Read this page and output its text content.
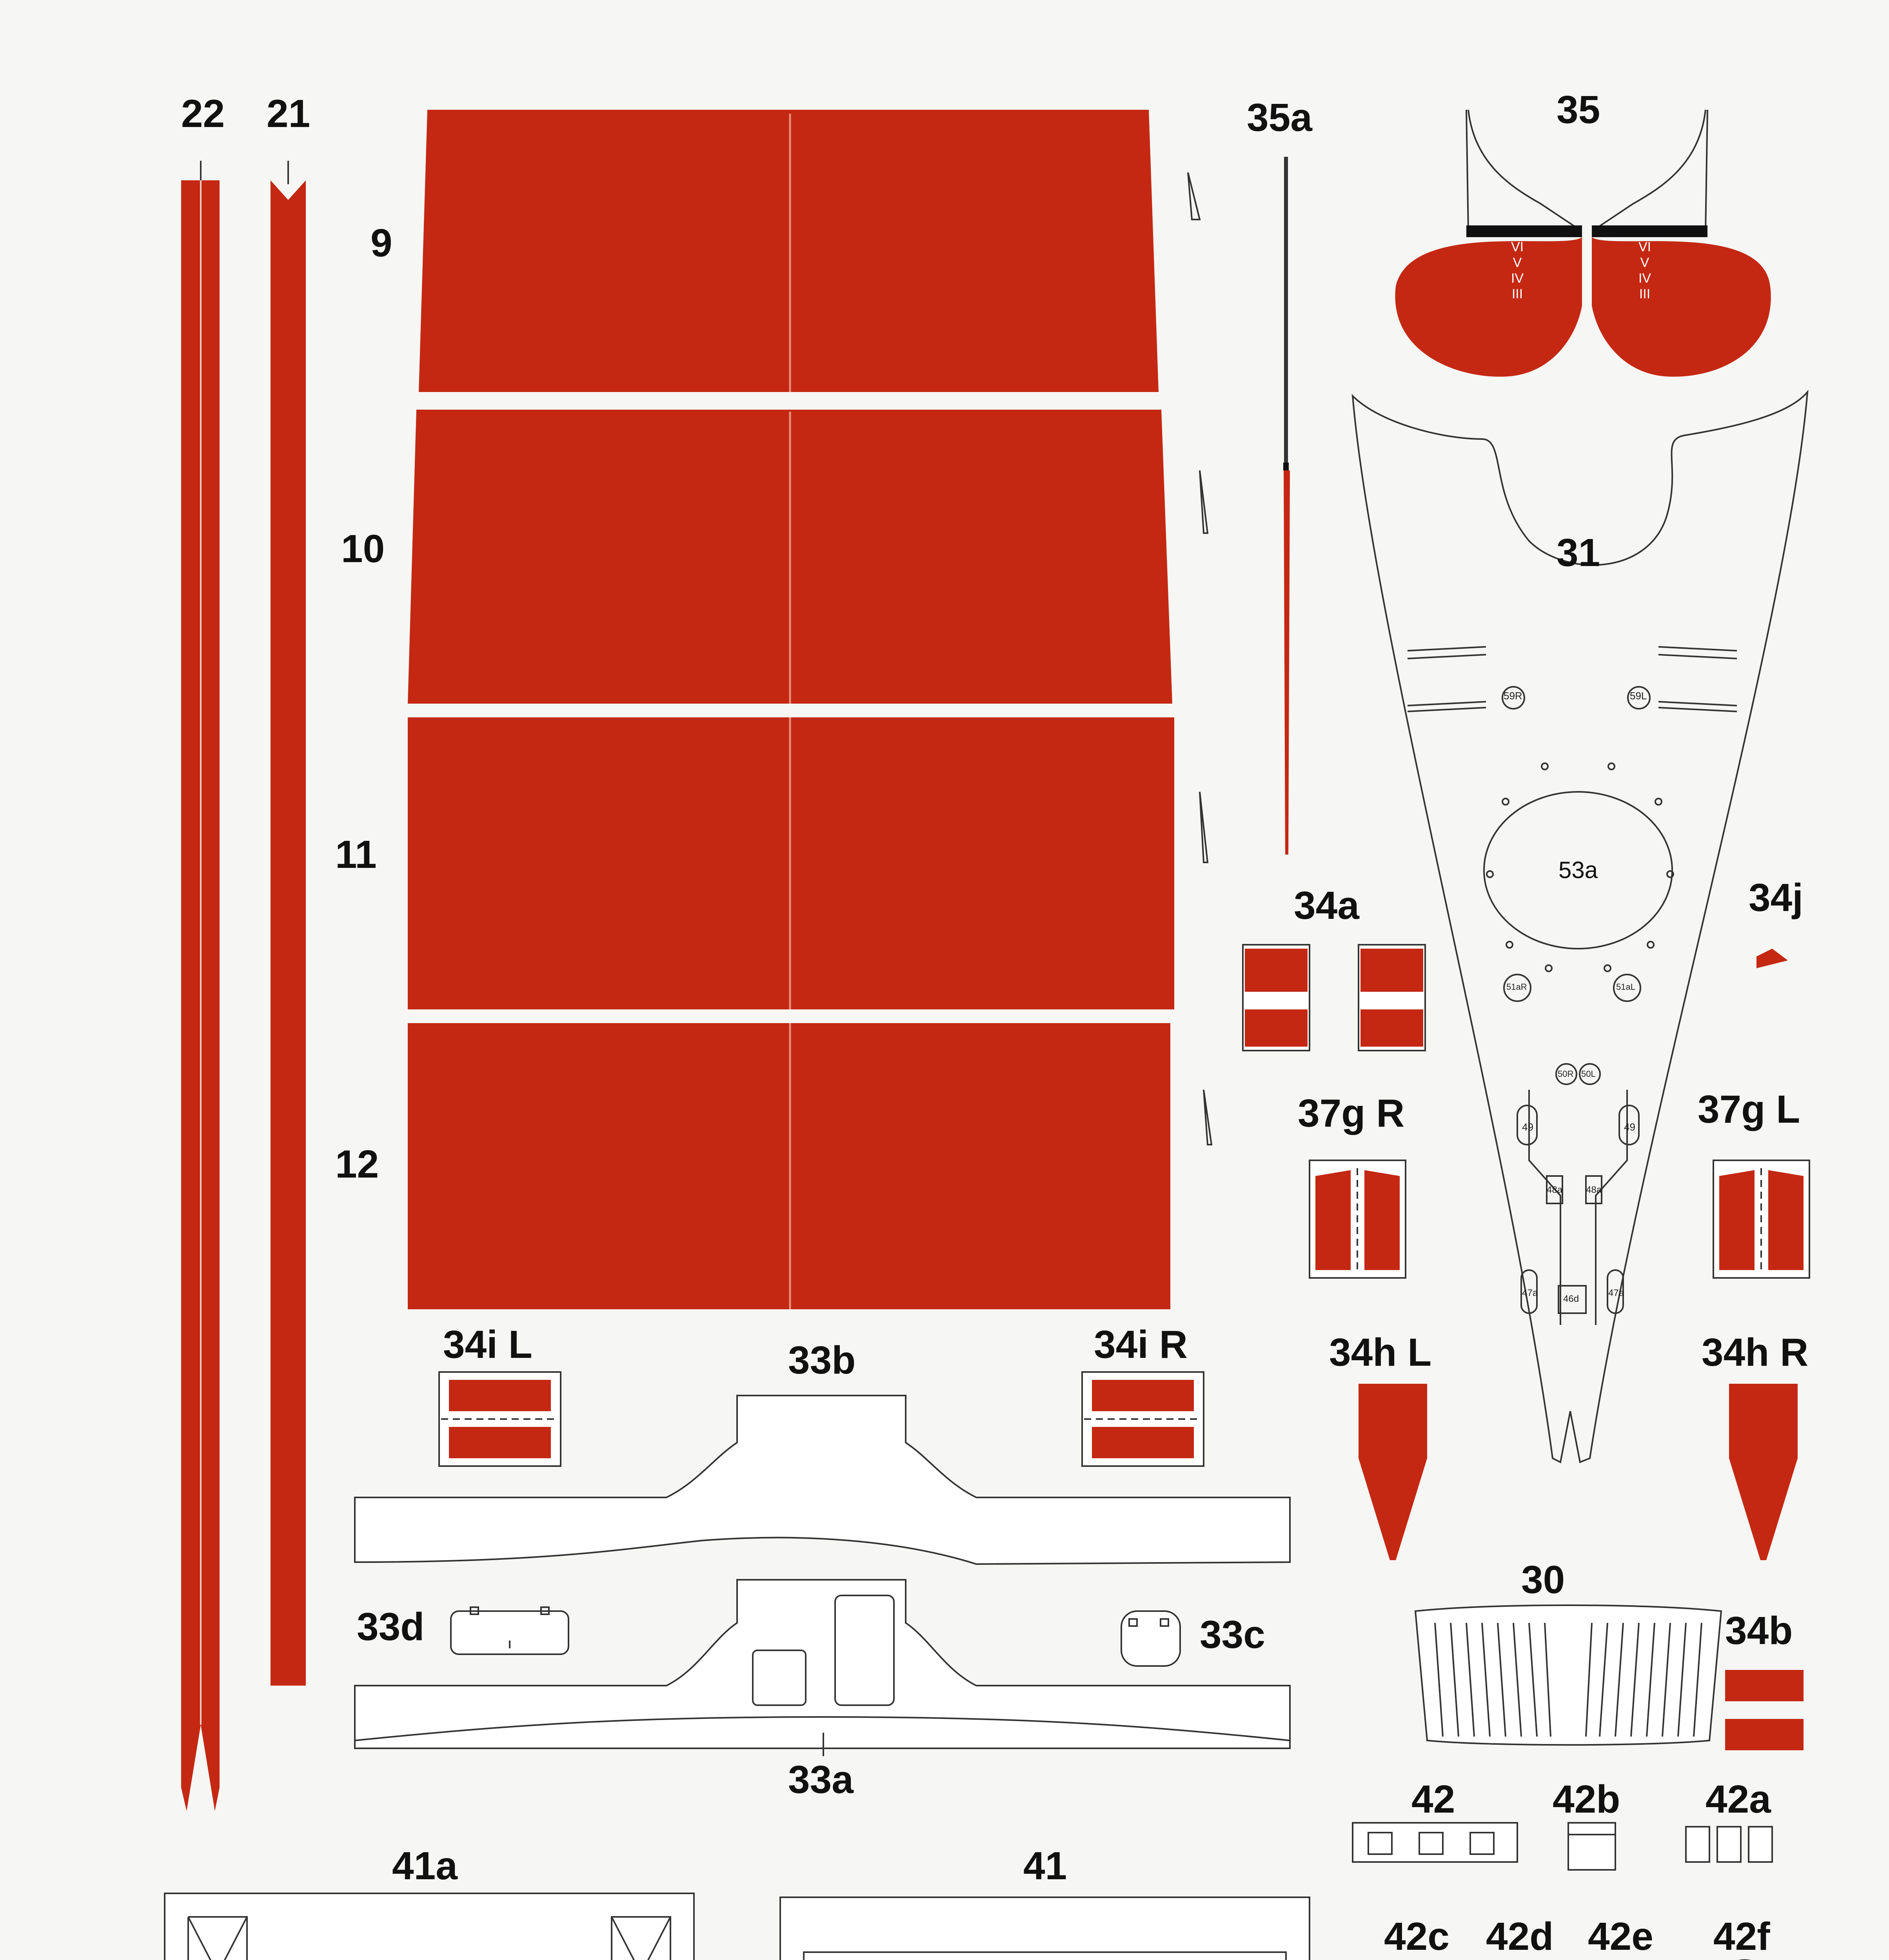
22 21	35a	35
9
10
11
12
31
34a	34j
37g R	37g L
34i L	33b	34i R	34h L	34h R
33d	33c
33a
30
34b
41a	41
42 42b 42a
42c 42d 42e 42f
53a
59R	59L
51aR	51aL
50R 50L
49	49
48a 48a
47a	47a
46d
VI
V
IV
III
VI
V
IV
III
